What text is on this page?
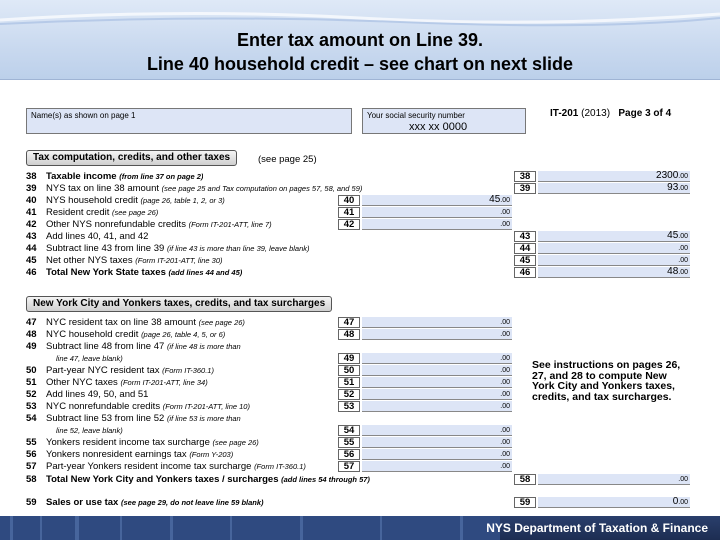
Enter tax amount on Line 39.
Line 40 household credit – see chart on next slide
Name(s) as shown on page 1	Your social security number
xxx xx 0000
IT-201 (2013) Page 3 of 4
Tax computation, credits, and other taxes	(see page 25)
38 Taxable income (from line 37 on page 2)	38	2300.00
39 NYS tax on line 38 amount (see page 25 and Tax computation on pages 57, 58, and 59)	39	93.00
40 NYS household credit (page 26, table 1, 2, or 3)	40	45.00
41 Resident credit (see page 26)	41	.00
42 Other NYS nonrefundable credits (Form IT-201-ATT, line 7)	42	.00
43 Add lines 40, 41, and 42	43	45.00
44 Subtract line 43 from line 39 (if line 43 is more than line 39, leave blank)	44	.00
45 Net other NYS taxes (Form IT-201-ATT, line 30)	45	.00
46 Total New York State taxes (add lines 44 and 45)	46	48.00
New York City and Yonkers taxes, credits, and tax surcharges
47 NYC resident tax on line 38 amount (see page 26)	47	.00
48 NYC household credit (page 26, table 4, 5, or 6)	48	.00
49 Subtract line 48 from line 47 (if line 48 is more than
line 47, leave blank)	49	.00
50 Part-year NYC resident tax (Form IT-360.1)	50	.00
51 Other NYC taxes (Form IT-201-ATT, line 34)	51	.00
52 Add lines 49, 50, and 51	52	.00
53 NYC nonrefundable credits (Form IT-201-ATT, line 10)	53	.00
54 Subtract line 53 from line 52 (if line 53 is more than
line 52, leave blank)	54	.00
55 Yonkers resident income tax surcharge (see page 26)	55	.00
56 Yonkers nonresident earnings tax (Form Y-203)	56	.00
57 Part-year Yonkers resident income tax surcharge (Form IT-360.1)	57	.00
58 Total New York City and Yonkers taxes / surcharges (add lines 54 through 57)	58	.00
59 Sales or use tax (see page 29, do not leave line 59 blank)	59	0.00
See instructions on pages 26, 27, and 28 to compute New York City and Yonkers taxes, credits, and tax surcharges.
NYS Department of Taxation & Finance
